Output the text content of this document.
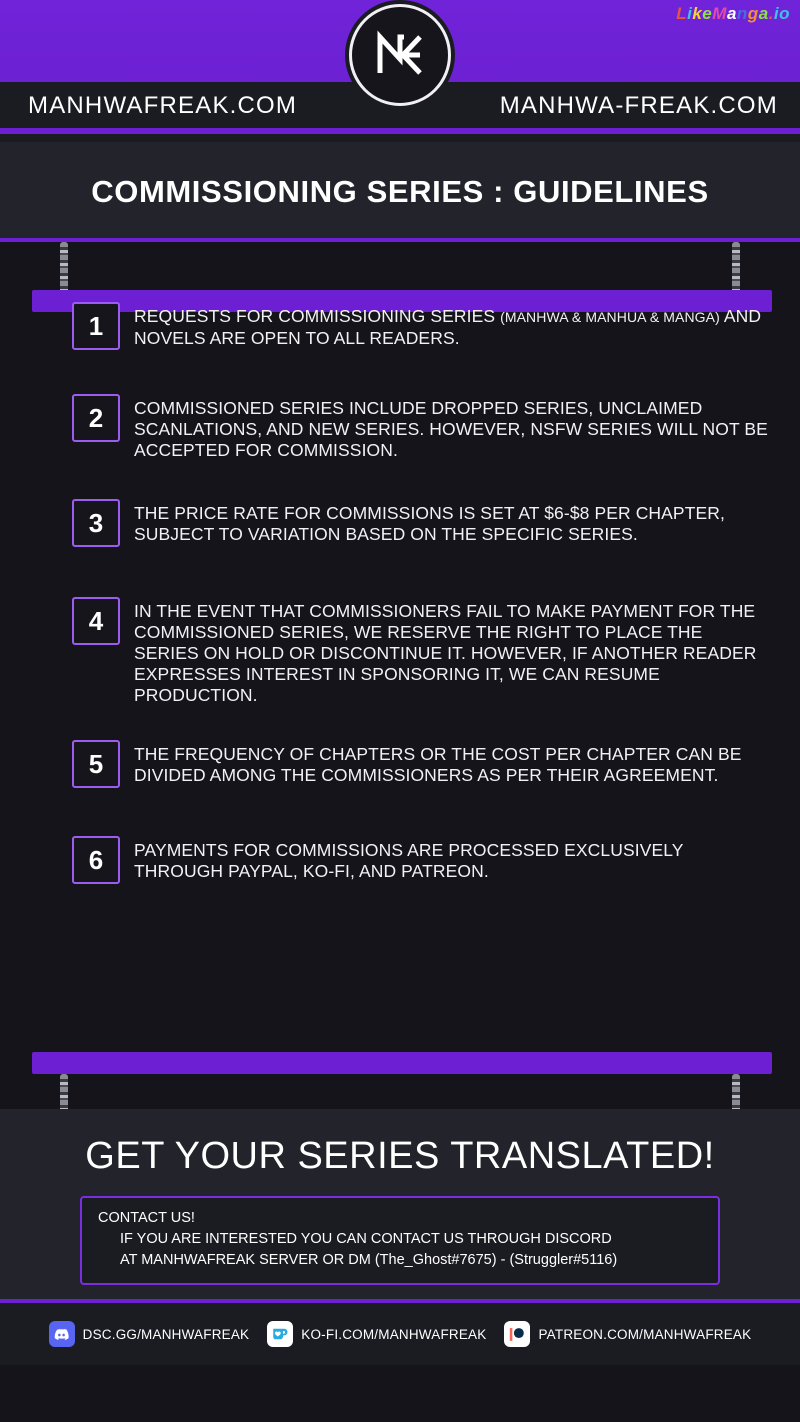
LikeManga.io
MANHWAFREAK.COM	MANHWA-FREAK.COM
COMMISSIONING SERIES : GUIDELINES
1	REQUESTS FOR COMMISSIONING SERIES (MANHWA & MANHUA & MANGA) AND NOVELS ARE OPEN TO ALL READERS.
2	COMMISSIONED SERIES INCLUDE DROPPED SERIES, UNCLAIMED SCANLATIONS, AND NEW SERIES. HOWEVER, NSFW SERIES WILL NOT BE ACCEPTED FOR COMMISSION.
3	THE PRICE RATE FOR COMMISSIONS IS SET AT $6-$8 PER CHAPTER, SUBJECT TO VARIATION BASED ON THE SPECIFIC SERIES.
4	IN THE EVENT THAT COMMISSIONERS FAIL TO MAKE PAYMENT FOR THE COMMISSIONED SERIES, WE RESERVE THE RIGHT TO PLACE THE SERIES ON HOLD OR DISCONTINUE IT. HOWEVER, IF ANOTHER READER EXPRESSES INTEREST IN SPONSORING IT, WE CAN RESUME PRODUCTION.
5	THE FREQUENCY OF CHAPTERS OR THE COST PER CHAPTER CAN BE DIVIDED AMONG THE COMMISSIONERS AS PER THEIR AGREEMENT.
6	PAYMENTS FOR COMMISSIONS ARE PROCESSED EXCLUSIVELY THROUGH PAYPAL, KO-FI, AND PATREON.
GET YOUR SERIES TRANSLATED!
CONTACT US!
IF YOU ARE INTERESTED YOU CAN CONTACT US THROUGH DISCORD
AT MANHWAFREAK SERVER OR DM (The_Ghost#7675) - (Struggler#5116)
DSC.GG/MANHWAFREAK	KO-FI.COM/MANHWAFREAK	PATREON.COM/MANHWAFREAK
